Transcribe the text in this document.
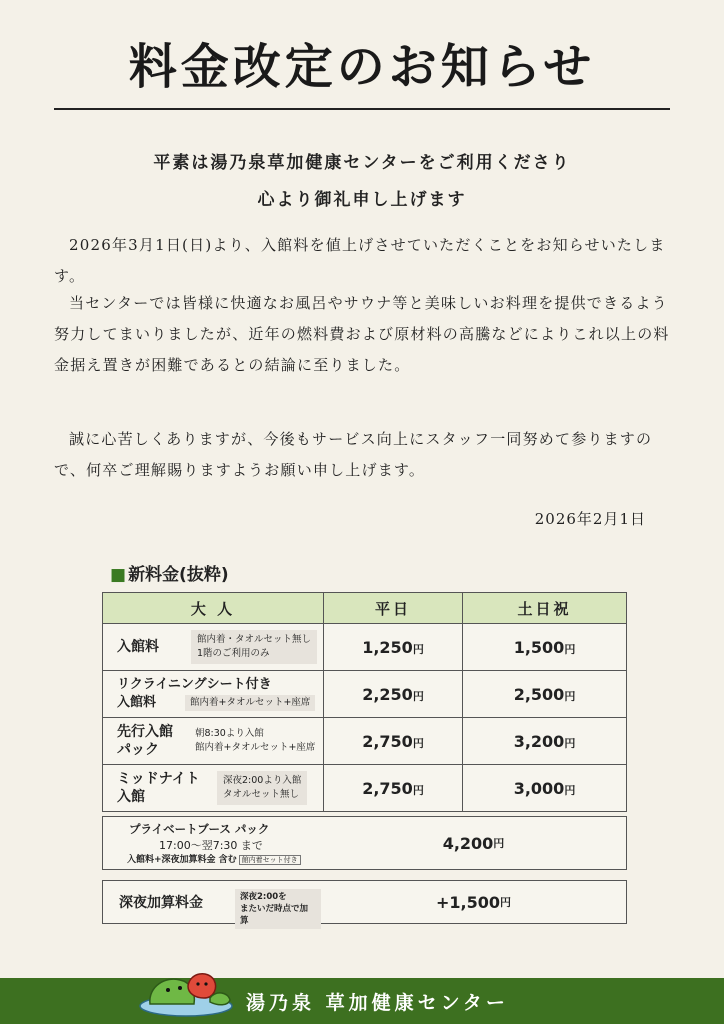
料金改定のお知らせ
平素は湯乃泉草加健康センターをご利用くださり
心より御礼申し上げます

2026年3月1日(日)より、入館料を値上げさせていただくことをお知らせいたします。

当センターでは皆様に快適なお風呂やサウナ等と美味しいお料理を提供できるよう努力してまいりましたが、近年の燃料費および原材料の高騰などによりこれ以上の料金据え置きが困難であるとの結論に至りました。

誠に心苦しくありますが、今後もサービス向上にスタッフ一同努めて参りますので、何卒ご理解賜りますようお願い申し上げます。

2026年2月1日
■ 新料金(抜粋)
大 人	平日	土日祝

入館料 館内着・タオルセット無し
1階のご利用のみ	1,250円	1,500円

リクライニングシート付き
入館料 館内着+タオルセット+座席	2,250円	2,500円

先行入館
パック
朝8:30より入館
館内着+タオルセット+座席	2,750円	3,200円

ミッドナイト
入館
深夜2:00より入館
タオルセット無し	2,750円	3,000円
プライベートブース パック
17:00〜翌7:30 まで
入館料+深夜加算料金 含む 館内着セット付き
4,200 円
深夜加算料金	深夜2:00を
またいだ時点で加算
+1,500 円
湯乃泉 草加健康センター
